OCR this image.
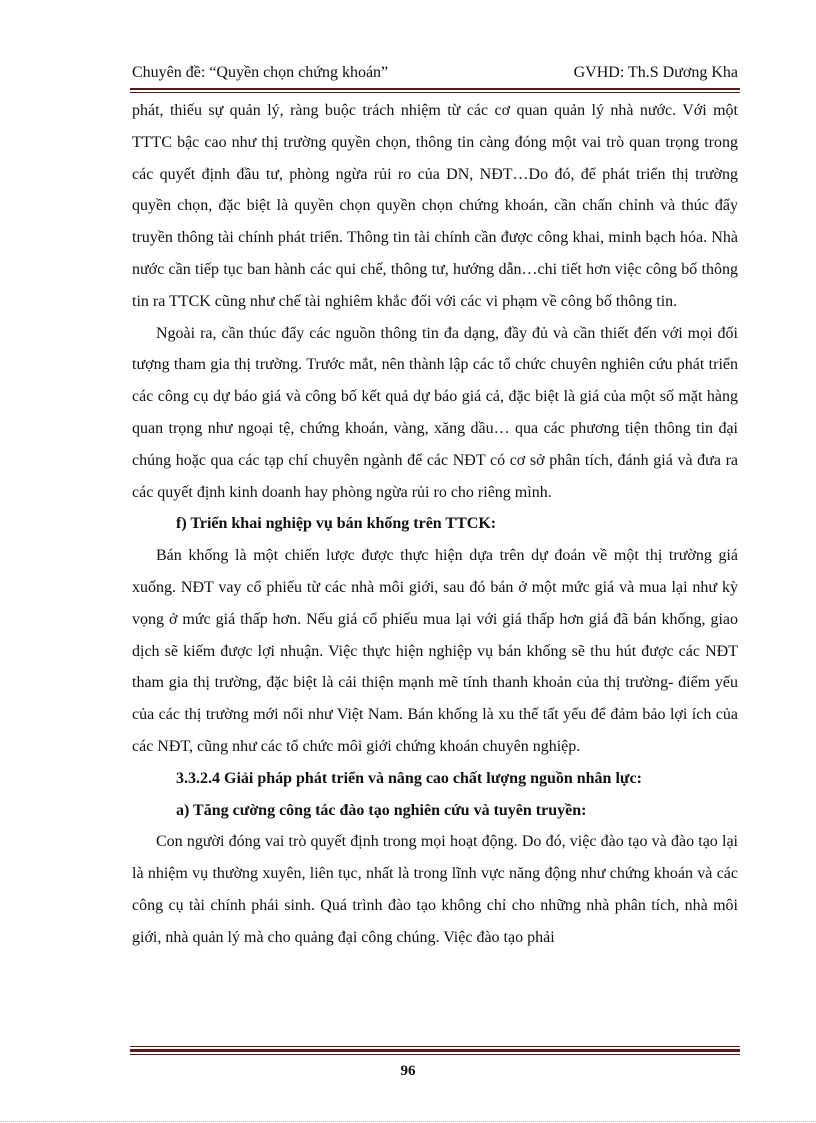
Chuyên đề: “Quyền chọn chứng khoán”	GVHD: Th.S Dương Kha

phát, thiếu sự quản lý, ràng buộc trách nhiệm từ các cơ quan quản lý nhà nước. Với một TTTC bậc cao như thị trường quyền chọn, thông tin càng đóng một vai trò quan trọng trong các quyết định đầu tư, phòng ngừa rủi ro của DN, NĐT…Do đó, để phát triển thị trường quyền chọn, đặc biệt là quyền chọn quyền chọn chứng khoán, cần chấn chỉnh và thúc đẩy truyền thông tài chính phát triển. Thông tin tài chính cần được công khai, minh bạch hóa. Nhà nước cần tiếp tục ban hành các qui chế, thông tư, hướng dẫn…chi tiết hơn việc công bố thông tin ra TTCK cũng như chế tài nghiêm khắc đối với các vi phạm về công bố thông tin.

Ngoài ra, cần thúc đẩy các nguồn thông tin đa dạng, đầy đủ và cần thiết đến với mọi đối tượng tham gia thị trường. Trước mắt, nên thành lập các tổ chức chuyên nghiên cứu phát triển các công cụ dự báo giá và công bố kết quả dự báo giá cả, đặc biệt là giá của một số mặt hàng quan trọng như ngoại tệ, chứng khoán, vàng, xăng dầu… qua các phương tiện thông tin đại chúng hoặc qua các tạp chí chuyên ngành để các NĐT có cơ sở phân tích, đánh giá và đưa ra các quyết định kinh doanh hay phòng ngừa rủi ro cho riêng mình.

f) Triển khai nghiệp vụ bán khống trên TTCK:

Bán khống là một chiến lược được thực hiện dựa trên dự đoán về một thị trường giá xuống. NĐT vay cổ phiếu từ các nhà môi giới, sau đó bán ở một mức giá và mua lại như kỳ vọng ở mức giá thấp hơn. Nếu giá cổ phiếu mua lại với giá thấp hơn giá đã bán khống, giao dịch sẽ kiếm được lợi nhuận. Việc thực hiện nghiệp vụ bán khống sẽ thu hút được các NĐT tham gia thị trường, đặc biệt là cải thiện mạnh mẽ tính thanh khoản của thị trường- điểm yếu của các thị trường mới nổi như Việt Nam. Bán khống là xu thế tất yếu để đảm bảo lợi ích của các NĐT, cũng như các tổ chức môi giới chứng khoán chuyên nghiệp.

3.3.2.4 Giải pháp phát triển và nâng cao chất lượng nguồn nhân lực:

a) Tăng cường công tác đào tạo nghiên cứu và tuyên truyền:

Con người đóng vai trò quyết định trong mọi hoạt động. Do đó, việc đào tạo và đào tạo lại là nhiệm vụ thường xuyên, liên tục, nhất là trong lĩnh vực năng động như chứng khoán và các công cụ tài chính phái sinh. Quá trình đào tạo không chỉ cho những nhà phân tích, nhà môi giới, nhà quản lý mà cho quảng đại công chúng. Việc đào tạo phải

96
